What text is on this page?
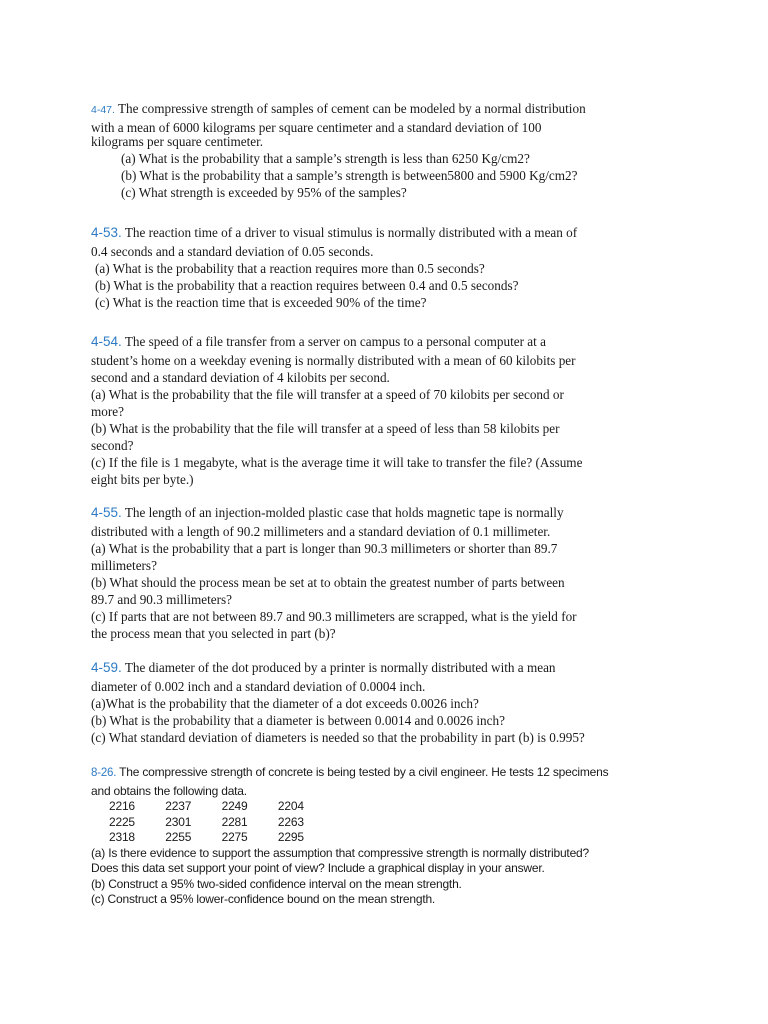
4-47. The compressive strength of samples of cement can be modeled by a normal distribution
with a mean of 6000 kilograms per square centimeter and a standard deviation of 100
kilograms per square centimeter.
(a) What is the probability that a sample’s strength is less than 6250 Kg/cm2?
(b) What is the probability that a sample’s strength is between5800 and 5900 Kg/cm2?
(c) What strength is exceeded by 95% of the samples?
4-53. The reaction time of a driver to visual stimulus is normally distributed with a mean of
0.4 seconds and a standard deviation of 0.05 seconds.
(a) What is the probability that a reaction requires more than 0.5 seconds?
(b) What is the probability that a reaction requires between 0.4 and 0.5 seconds?
(c) What is the reaction time that is exceeded 90% of the time?
4-54. The speed of a file transfer from a server on campus to a personal computer at a
student’s home on a weekday evening is normally distributed with a mean of 60 kilobits per
second and a standard deviation of 4 kilobits per second.
(a) What is the probability that the file will transfer at a speed of 70 kilobits per second or
more?
(b) What is the probability that the file will transfer at a speed of less than 58 kilobits per
second?
(c) If the file is 1 megabyte, what is the average time it will take to transfer the file? (Assume
eight bits per byte.)
4-55. The length of an injection-molded plastic case that holds magnetic tape is normally
distributed with a length of 90.2 millimeters and a standard deviation of 0.1 millimeter.
(a) What is the probability that a part is longer than 90.3 millimeters or shorter than 89.7
millimeters?
(b) What should the process mean be set at to obtain the greatest number of parts between
89.7 and 90.3 millimeters?
(c) If parts that are not between 89.7 and 90.3 millimeters are scrapped, what is the yield for
the process mean that you selected in part (b)?
4-59. The diameter of the dot produced by a printer is normally distributed with a mean
diameter of 0.002 inch and a standard deviation of 0.0004 inch.
(a)What is the probability that the diameter of a dot exceeds 0.0026 inch?
(b) What is the probability that a diameter is between 0.0014 and 0.0026 inch?
(c) What standard deviation of diameters is needed so that the probability in part (b) is 0.995?
8-26. The compressive strength of concrete is being tested by a civil engineer. He tests 12 specimens
and obtains the following data.
2216   2237   2249   2204
2225   2301   2281   2263
2318   2255   2275   2295
(a) Is there evidence to support the assumption that compressive strength is normally distributed?
Does this data set support your point of view? Include a graphical display in your answer.
(b) Construct a 95% two-sided confidence interval on the mean strength.
(c) Construct a 95% lower-confidence bound on the mean strength.
